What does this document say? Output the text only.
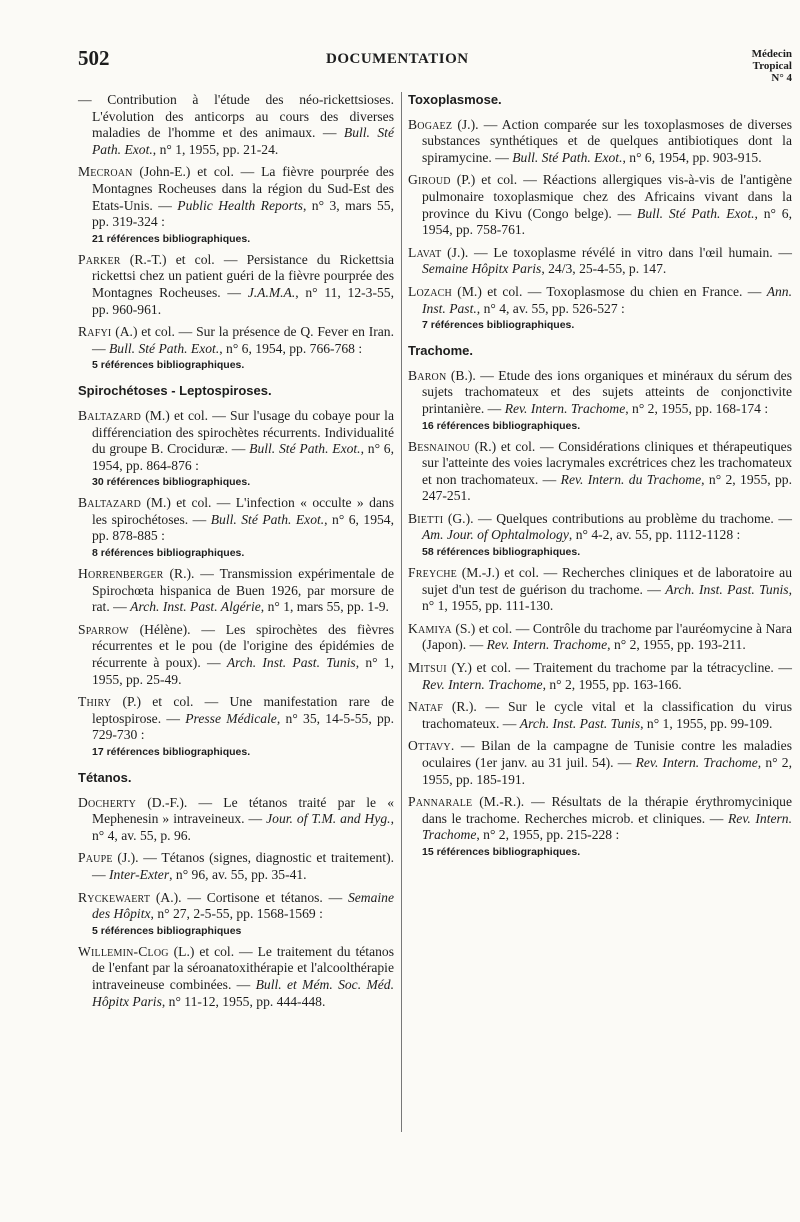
502	DOCUMENTATION	Médecin
Tropical
N° 4
— Contribution à l'étude des néo-rickettsioses. L'évolution des anticorps au cours des diverses maladies de l'homme et des animaux. — Bull. Sté Path. Exot., n° 1, 1955, pp. 21-24.
Mecroan (John-E.) et col. — La fièvre pourprée des Montagnes Rocheuses dans la région du Sud-Est des Etats-Unis. — Public Health Reports, n° 3, mars 55, pp. 319-324 :
21 références bibliographiques.
Parker (R.-T.) et col. — Persistance du Rickettsia rickettsi chez un patient guéri de la fièvre pourprée des Montagnes Rocheuses. — J.A.M.A., n° 11, 12-3-55, pp. 960-961.
Rafyi (A.) et col. — Sur la présence de Q. Fever en Iran. — Bull. Sté Path. Exot., n° 6, 1954, pp. 766-768 :
5 références bibliographiques.
Spirochétoses - Leptospiroses.
Baltazard (M.) et col. — Sur l'usage du cobaye pour la différenciation des spirochètes récurrents. Individualité du groupe B. Crociduræ. — Bull. Sté Path. Exot., n° 6, 1954, pp. 864-876 :
30 références bibliographiques.
Baltazard (M.) et col. — L'infection « occulte » dans les spirochétoses. — Bull. Sté Path. Exot., n° 6, 1954, pp. 878-885 :
8 références bibliographiques.
Horrenberger (R.). — Transmission expérimentale de Spirochœta hispanica de Buen 1926, par morsure de rat. — Arch. Inst. Past. Algérie, n° 1, mars 55, pp. 1-9.
Sparrow (Hélène). — Les spirochètes des fièvres récurrentes et le pou (de l'origine des épidémies de récurrente à poux). — Arch. Inst. Past. Tunis, n° 1, 1955, pp. 25-49.
Thiry (P.) et col. — Une manifestation rare de leptospirose. — Presse Médicale, n° 35, 14-5-55, pp. 729-730 :
17 références bibliographiques.
Tétanos.
Docherty (D.-F.). — Le tétanos traité par le « Mephenesin » intraveineux. — Jour. of T.M. and Hyg., n° 4, av. 55, p. 96.
Paupe (J.). — Tétanos (signes, diagnostic et traitement). — Inter-Exter, n° 96, av. 55, pp. 35-41.
Ryckewaert (A.). — Cortisone et tétanos. — Semaine des Hôpitx, n° 27, 2-5-55, pp. 1568-1569 :
5 références bibliographiques
Willemin-Clog (L.) et col. — Le traitement du tétanos de l'enfant par la séroanatoxithérapie et l'alcoolthérapie intraveineuse combinées. — Bull. et Mém. Soc. Méd. Hôpitx Paris, n° 11-12, 1955, pp. 444-448.
Toxoplasmose.
Bogaez (J.). — Action comparée sur les toxoplasmoses de diverses substances synthétiques et de quelques antibiotiques dont la spiramycine. — Bull. Sté Path. Exot., n° 6, 1954, pp. 903-915.
Giroud (P.) et col. — Réactions allergiques vis-à-vis de l'antigène pulmonaire toxoplasmique chez des Africains vivant dans la province du Kivu (Congo belge). — Bull. Sté Path. Exot., n° 6, 1954, pp. 758-761.
Lavat (J.). — Le toxoplasme révélé in vitro dans l'œil humain. — Semaine Hôpitx Paris, 24/3, 25-4-55, p. 147.
Lozach (M.) et col. — Toxoplasmose du chien en France. — Ann. Inst. Past., n° 4, av. 55, pp. 526-527 :
7 références bibliographiques.
Trachome.
Baron (B.). — Etude des ions organiques et minéraux du sérum des sujets trachomateux et des sujets atteints de conjonctivite printanière. — Rev. Intern. Trachome, n° 2, 1955, pp. 168-174 :
16 références bibliographiques.
Besnainou (R.) et col. — Considérations cliniques et thérapeutiques sur l'atteinte des voies lacrymales excrétrices chez les trachomateux et non trachomateux. — Rev. Intern. du Trachome, n° 2, 1955, pp. 247-251.
Bietti (G.). — Quelques contributions au problème du trachome. — Am. Jour. of Ophtalmology, n° 4-2, av. 55, pp. 1112-1128 :
58 références bibliographiques.
Freyche (M.-J.) et col. — Recherches cliniques et de laboratoire au sujet d'un test de guérison du trachome. — Arch. Inst. Past. Tunis, n° 1, 1955, pp. 111-130.
Kamiya (S.) et col. — Contrôle du trachome par l'auréomycine à Nara (Japon). — Rev. Intern. Trachome, n° 2, 1955, pp. 193-211.
Mitsui (Y.) et col. — Traitement du trachome par la tétracycline. — Rev. Intern. Trachome, n° 2, 1955, pp. 163-166.
Nataf (R.). — Sur le cycle vital et la classification du virus trachomateux. — Arch. Inst. Past. Tunis, n° 1, 1955, pp. 99-109.
Ottavy. — Bilan de la campagne de Tunisie contre les maladies oculaires (1er janv. au 31 juil. 54). — Rev. Intern. Trachome, n° 2, 1955, pp. 185-191.
Pannarale (M.-R.). — Résultats de la thérapie érythromycinique dans le trachome. Recherches microb. et cliniques. — Rev. Intern. Trachome, n° 2, 1955, pp. 215-228 :
15 références bibliographiques.
